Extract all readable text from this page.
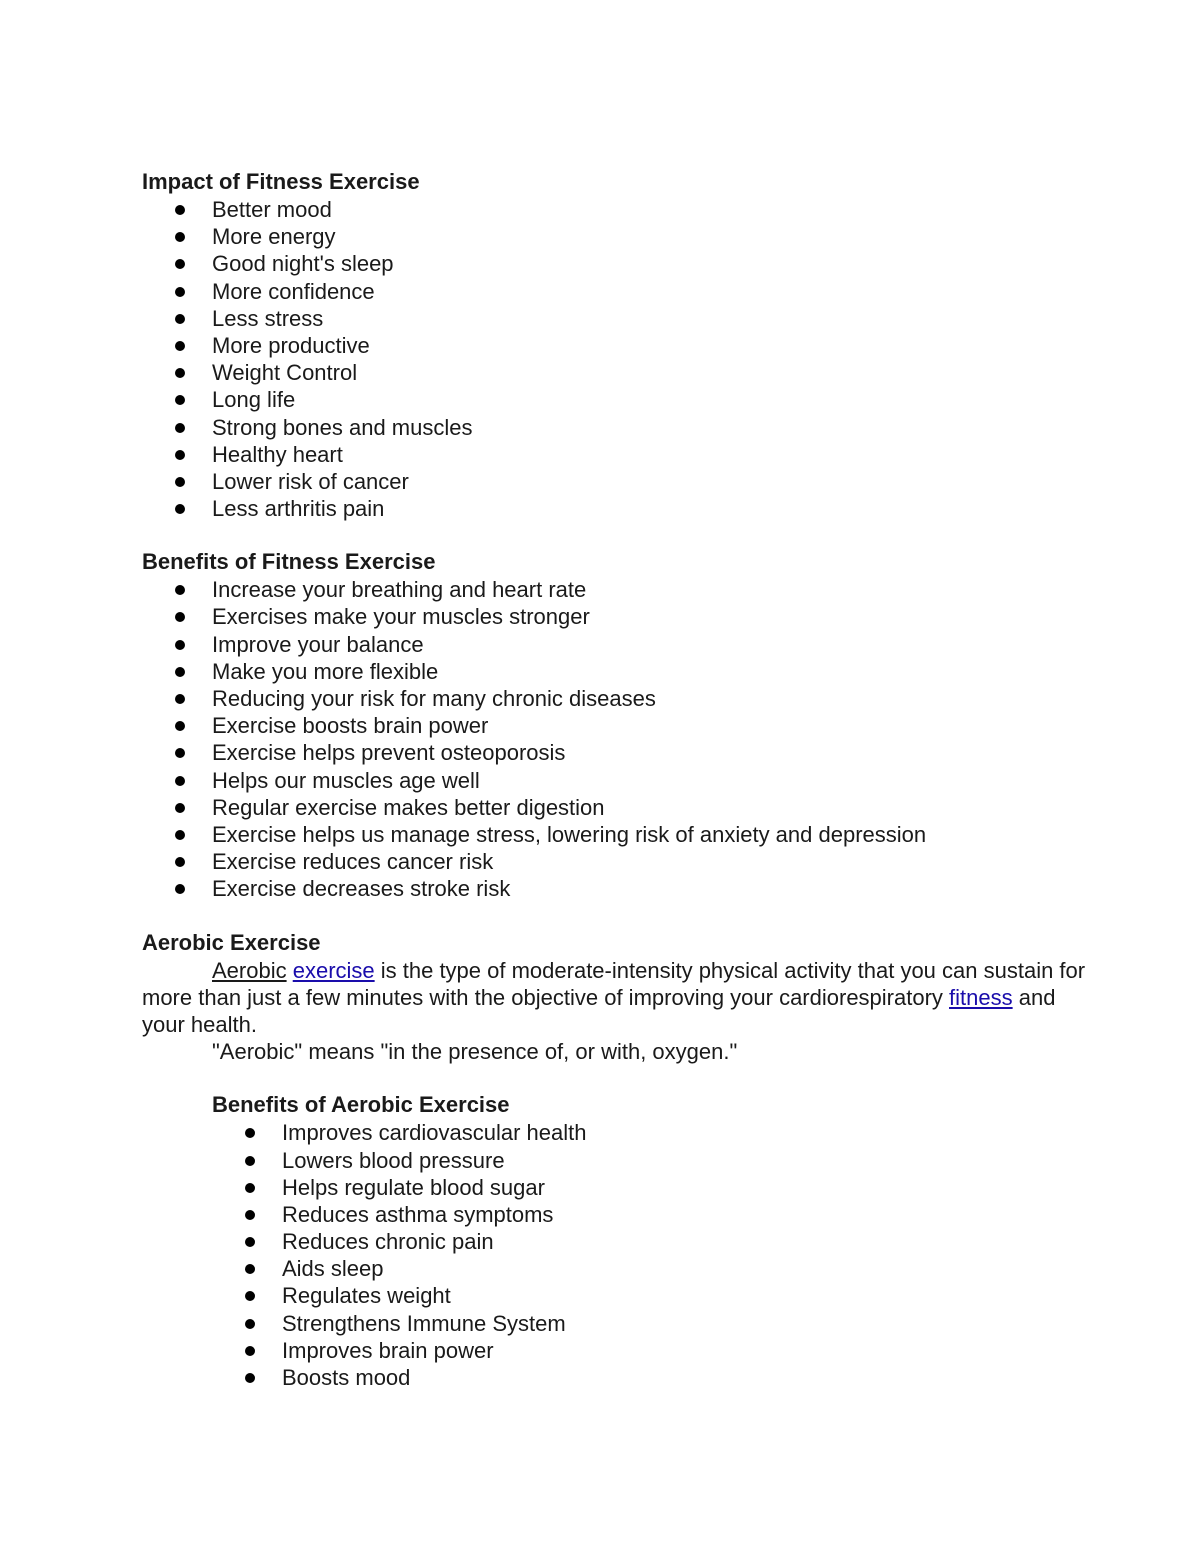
Impact of Fitness Exercise
Better mood
More energy
Good night's sleep
More confidence
Less stress
More productive
Weight Control
Long life
Strong bones and muscles
Healthy heart
Lower risk of cancer
Less arthritis pain
Benefits of Fitness Exercise
Increase your breathing and heart rate
Exercises make your muscles stronger
Improve your balance
Make you more flexible
Reducing your risk for many chronic diseases
Exercise boosts brain power
Exercise helps prevent osteoporosis
Helps our muscles age well
Regular exercise makes better digestion
Exercise helps us manage stress, lowering risk of anxiety and depression
Exercise reduces cancer risk
Exercise decreases stroke risk
Aerobic Exercise

Aerobic exercise is the type of moderate-intensity physical activity that you can sustain for more than just a few minutes with the objective of improving your cardiorespiratory fitness and your health.

"Aerobic" means "in the presence of, or with, oxygen."

Benefits of Aerobic Exercise
Improves cardiovascular health
Lowers blood pressure
Helps regulate blood sugar
Reduces asthma symptoms
Reduces chronic pain
Aids sleep
Regulates weight
Strengthens Immune System
Improves brain power
Boosts mood
